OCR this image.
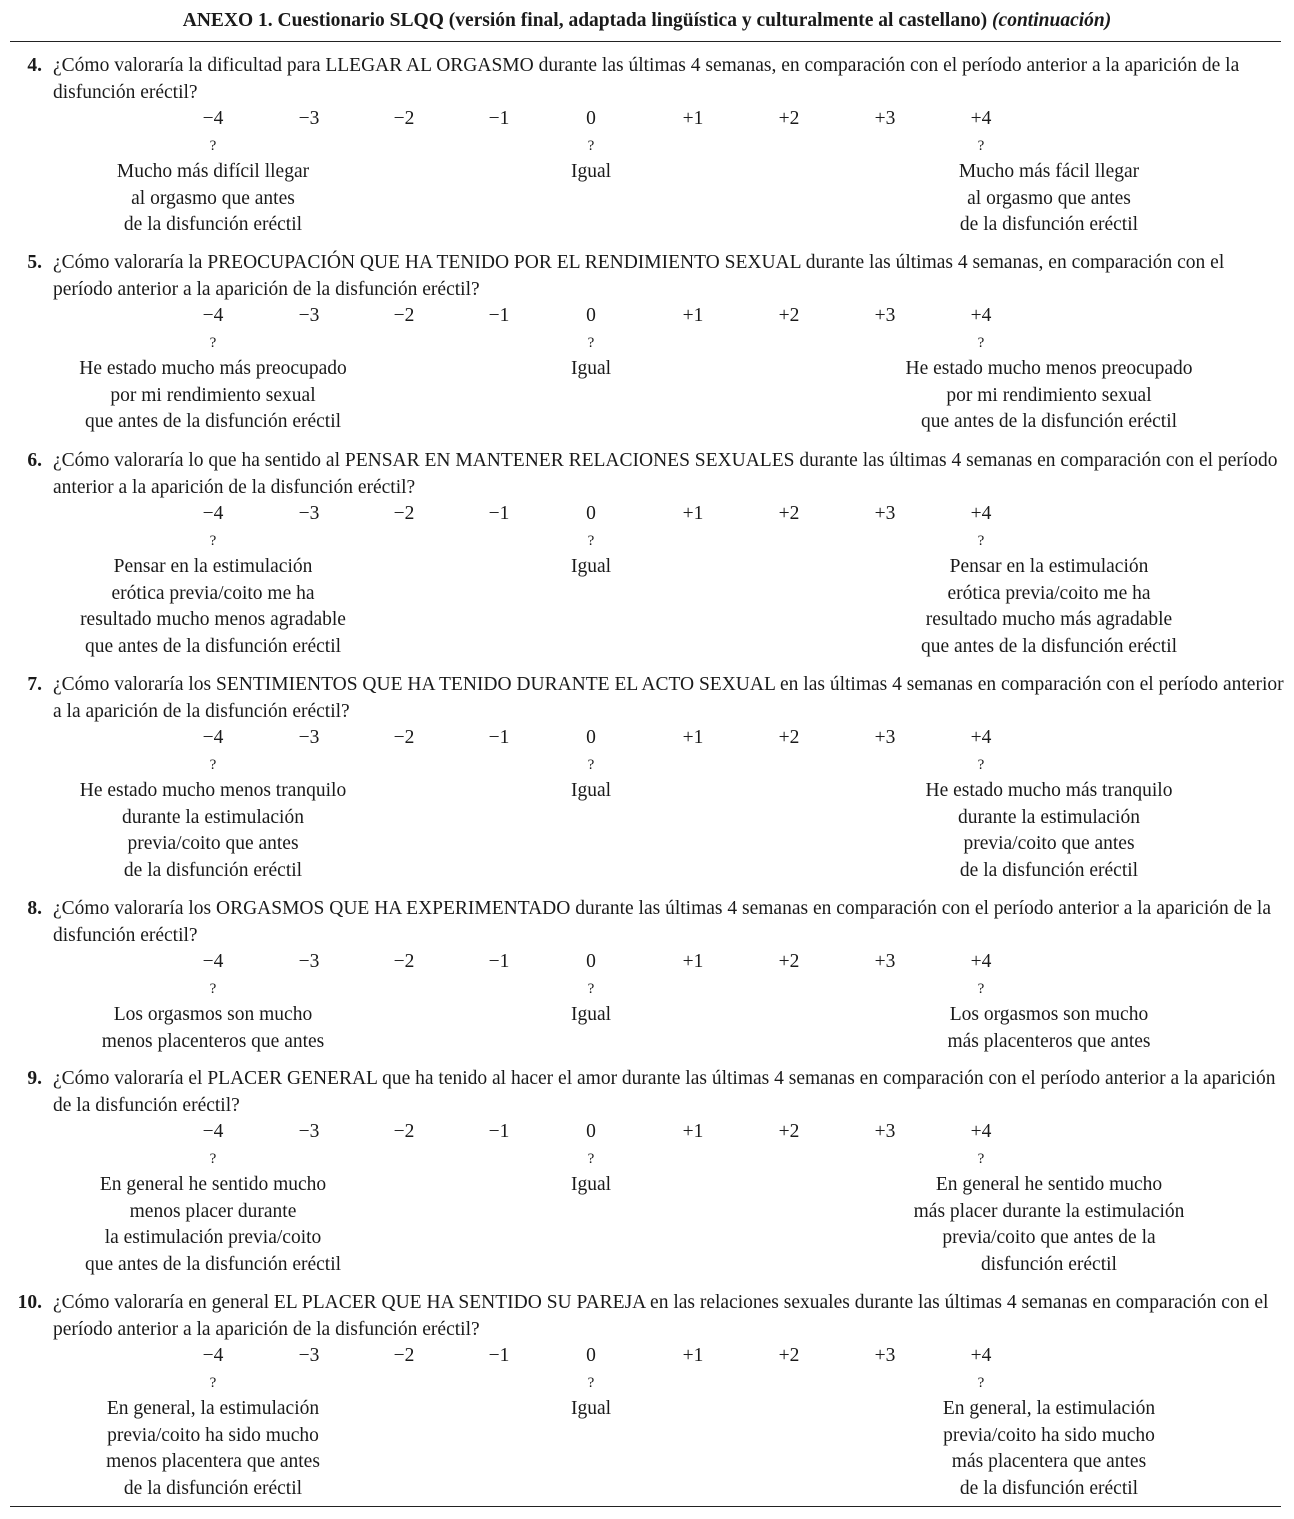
ANEXO 1. Cuestionario SLQQ (versión final, adaptada lingüística y culturalmente al castellano) (continuación)
4. ¿Cómo valoraría la dificultad para LLEGAR AL ORGASMO durante las últimas 4 semanas, en comparación con el período anterior a la aparición de la disfunción eréctil?
−4	−3	−2	−1	0	+1	+2	+3	+4
?	?	?
Mucho más difícil llegar
al orgasmo que antes
de la disfunción eréctil
Igual	Mucho más fácil llegar
al orgasmo que antes
de la disfunción eréctil
5. ¿Cómo valoraría la PREOCUPACIÓN QUE HA TENIDO POR EL RENDIMIENTO SEXUAL durante las últimas 4 semanas, en comparación con el período anterior a la aparición de la disfunción eréctil?
−4	−3	−2	−1	0	+1	+2	+3	+4
?	?	?
He estado mucho más preocupado
por mi rendimiento sexual
que antes de la disfunción eréctil
Igual	He estado mucho menos preocupado
por mi rendimiento sexual
que antes de la disfunción eréctil
6. ¿Cómo valoraría lo que ha sentido al PENSAR EN MANTENER RELACIONES SEXUALES durante las últimas 4 semanas en comparación con el período anterior a la aparición de la disfunción eréctil?
−4	−3	−2	−1	0	+1	+2	+3	+4
?	?	?
Pensar en la estimulación
erótica previa/coito me ha
resultado mucho menos agradable
que antes de la disfunción eréctil
Igual	Pensar en la estimulación
erótica previa/coito me ha
resultado mucho más agradable
que antes de la disfunción eréctil
7. ¿Cómo valoraría los SENTIMIENTOS QUE HA TENIDO DURANTE EL ACTO SEXUAL en las últimas 4 semanas en comparación con el período anterior a la aparición de la disfunción eréctil?
−4	−3	−2	−1	0	+1	+2	+3	+4
?	?	?
He estado mucho menos tranquilo
durante la estimulación
previa/coito que antes
de la disfunción eréctil
Igual	He estado mucho más tranquilo
durante la estimulación
previa/coito que antes
de la disfunción eréctil
8. ¿Cómo valoraría los ORGASMOS QUE HA EXPERIMENTADO durante las últimas 4 semanas en comparación con el período anterior a la aparición de la disfunción eréctil?
−4	−3	−2	−1	0	+1	+2	+3	+4
?	?	?
Los orgasmos son mucho
menos placenteros que antes
Igual	Los orgasmos son mucho
más placenteros que antes
9. ¿Cómo valoraría el PLACER GENERAL que ha tenido al hacer el amor durante las últimas 4 semanas en comparación con el período anterior a la aparición de la disfunción eréctil?
−4	−3	−2	−1	0	+1	+2	+3	+4
?	?	?
En general he sentido mucho
menos placer durante
la estimulación previa/coito
que antes de la disfunción eréctil
Igual	En general he sentido mucho
más placer durante la estimulación
previa/coito que antes de la
disfunción eréctil
10. ¿Cómo valoraría en general EL PLACER QUE HA SENTIDO SU PAREJA en las relaciones sexuales durante las últimas 4 semanas en comparación con el período anterior a la aparición de la disfunción eréctil?
−4	−3	−2	−1	0	+1	+2	+3	+4
?	?	?
En general, la estimulación
previa/coito ha sido mucho
menos placentera que antes
de la disfunción eréctil
Igual	En general, la estimulación
previa/coito ha sido mucho
más placentera que antes
de la disfunción eréctil
